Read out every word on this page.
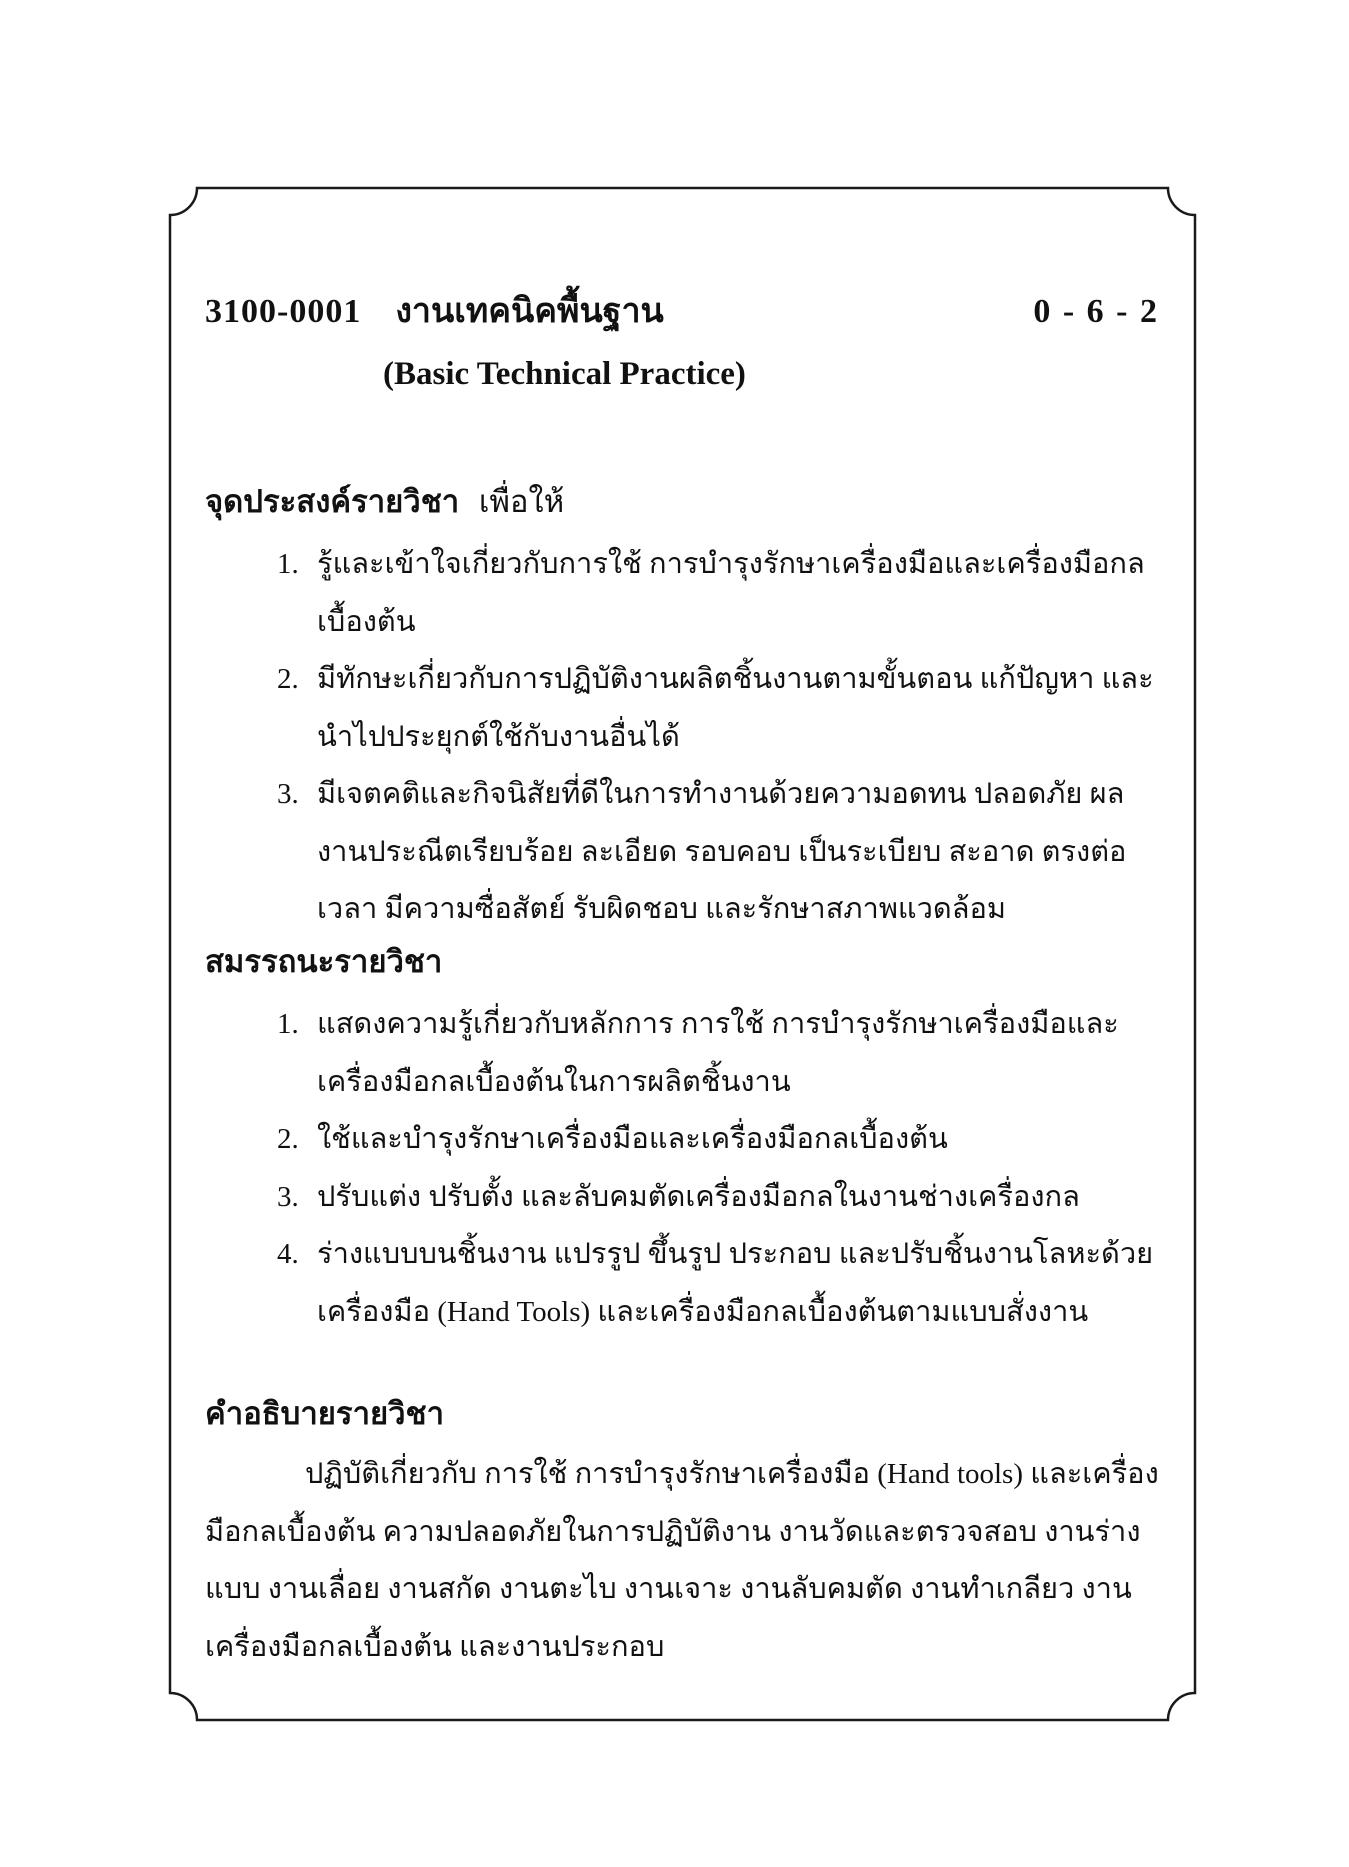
3100-0001 งานเทคนิคพื้นฐาน	0 - 6 - 2
(Basic Technical Practice)
จุดประสงค์รายวิชา เพื่อให้
1. รู้และเข้าใจเกี่ยวกับการใช้ การบำรุงรักษาเครื่องมือและเครื่องมือกลเบื้องต้น
2. มีทักษะเกี่ยวกับการปฏิบัติงานผลิตชิ้นงานตามขั้นตอน แก้ปัญหา และนำไปประยุกต์ใช้กับงานอื่นได้
3. มีเจตคติและกิจนิสัยที่ดีในการทำงานด้วยความอดทน ปลอดภัย ผลงานประณีตเรียบร้อย ละเอียด รอบคอบ เป็นระเบียบ สะอาด ตรงต่อเวลา มีความซื่อสัตย์ รับผิดชอบ และรักษาสภาพแวดล้อม
สมรรถนะรายวิชา
1. แสดงความรู้เกี่ยวกับหลักการ การใช้ การบำรุงรักษาเครื่องมือและเครื่องมือกลเบื้องต้นในการผลิตชิ้นงาน
2. ใช้และบำรุงรักษาเครื่องมือและเครื่องมือกลเบื้องต้น
3. ปรับแต่ง ปรับตั้ง และลับคมตัดเครื่องมือกลในงานช่างเครื่องกล
4. ร่างแบบบนชิ้นงาน แปรรูป ขึ้นรูป ประกอบ และปรับชิ้นงานโลหะด้วยเครื่องมือ (Hand Tools) และเครื่องมือกลเบื้องต้นตามแบบสั่งงาน
คำอธิบายรายวิชา
ปฏิบัติเกี่ยวกับ การใช้ การบำรุงรักษาเครื่องมือ (Hand tools) และเครื่องมือกลเบื้องต้น ความปลอดภัยในการปฏิบัติงาน งานวัดและตรวจสอบ งานร่างแบบ งานเลื่อย งานสกัด งานตะไบ งานเจาะ งานลับคมตัด งานทำเกลียว งานเครื่องมือกลเบื้องต้น และงานประกอบ
